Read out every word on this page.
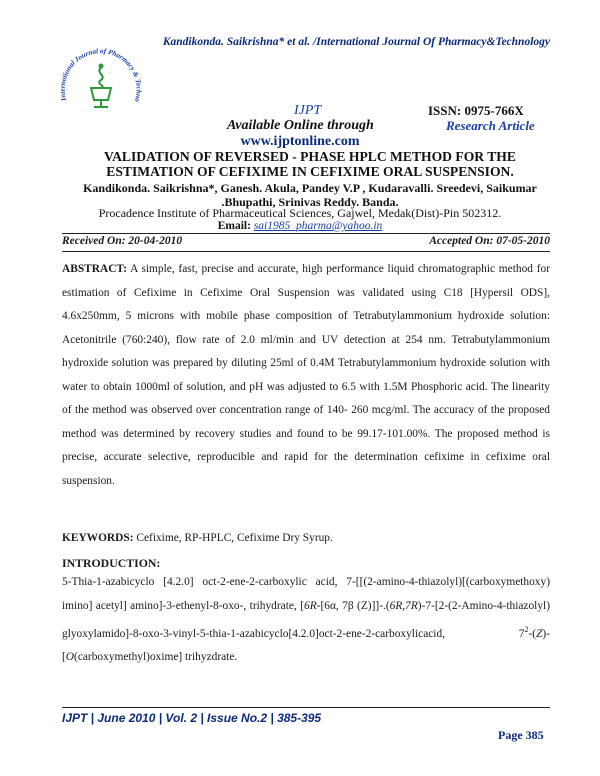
Kandikonda. Saikrishna* et al. /International Journal Of Pharmacy&Technology
International Journal of Pharmacy & Techno
IJPT	ISSN: 0975-766X
Available Online through	Research Article
www.ijptonline.com
VALIDATION OF REVERSED - PHASE HPLC METHOD FOR THE ESTIMATION OF CEFIXIME IN CEFIXIME ORAL SUSPENSION.
Kandikonda. Saikrishna*, Ganesh. Akula, Pandey V.P , Kudaravalli. Sreedevi, Saikumar .Bhupathi, Srinivas Reddy. Banda.
Procadence Institute of Pharmaceutical Sciences, Gajwel, Medak(Dist)-Pin 502312.
Email: sai1985_pharma@yahoo.in
Received On: 20-04-2010	Accepted On: 07-05-2010
ABSTRACT: A simple, fast, precise and accurate, high performance liquid chromatographic method for estimation of Cefixime in Cefixime Oral Suspension was validated using C18 [Hypersil ODS], 4.6x250mm, 5 microns with mobile phase composition of Tetrabutylammonium hydroxide solution: Acetonitrile (760:240), flow rate of 2.0 ml/min and UV detection at 254 nm. Tetrabutylammonium hydroxide solution was prepared by diluting 25ml of 0.4M Tetrabutylammonium hydroxide solution with water to obtain 1000ml of solution, and pH was adjusted to 6.5 with 1.5M Phosphoric acid. The linearity of the method was observed over concentration range of 140- 260 mcg/ml. The accuracy of the proposed method was determined by recovery studies and found to be 99.17-101.00%. The proposed method is precise, accurate selective, reproducible and rapid for the determination cefixime in cefixime oral suspension.
KEYWORDS: Cefixime, RP-HPLC, Cefixime Dry Syrup.
INTRODUCTION:
5-Thia-1-azabicyclo [4.2.0] oct-2-ene-2-carboxylic acid, 7-[[(2-amino-4-thiazolyl)[(carboxymethoxy) imino] acetyl] amino]-3-ethenyl-8-oxo-, trihydrate, [6R-[6α, 7β (Z)]]-.(6R,7R)-7-[2-(2-Amino-4-thiazolyl) glyoxylamido]-8-oxo-3-vinyl-5-thia-1-azabicyclo[4.2.0]oct-2-ene-2-carboxylicacid, $7^2-(Z)-[O(carboxymethyl)oxime]$ trihyzdrate.
IJPT | June 2010 | Vol. 2 | Issue No.2 | 385-395
Page 385
